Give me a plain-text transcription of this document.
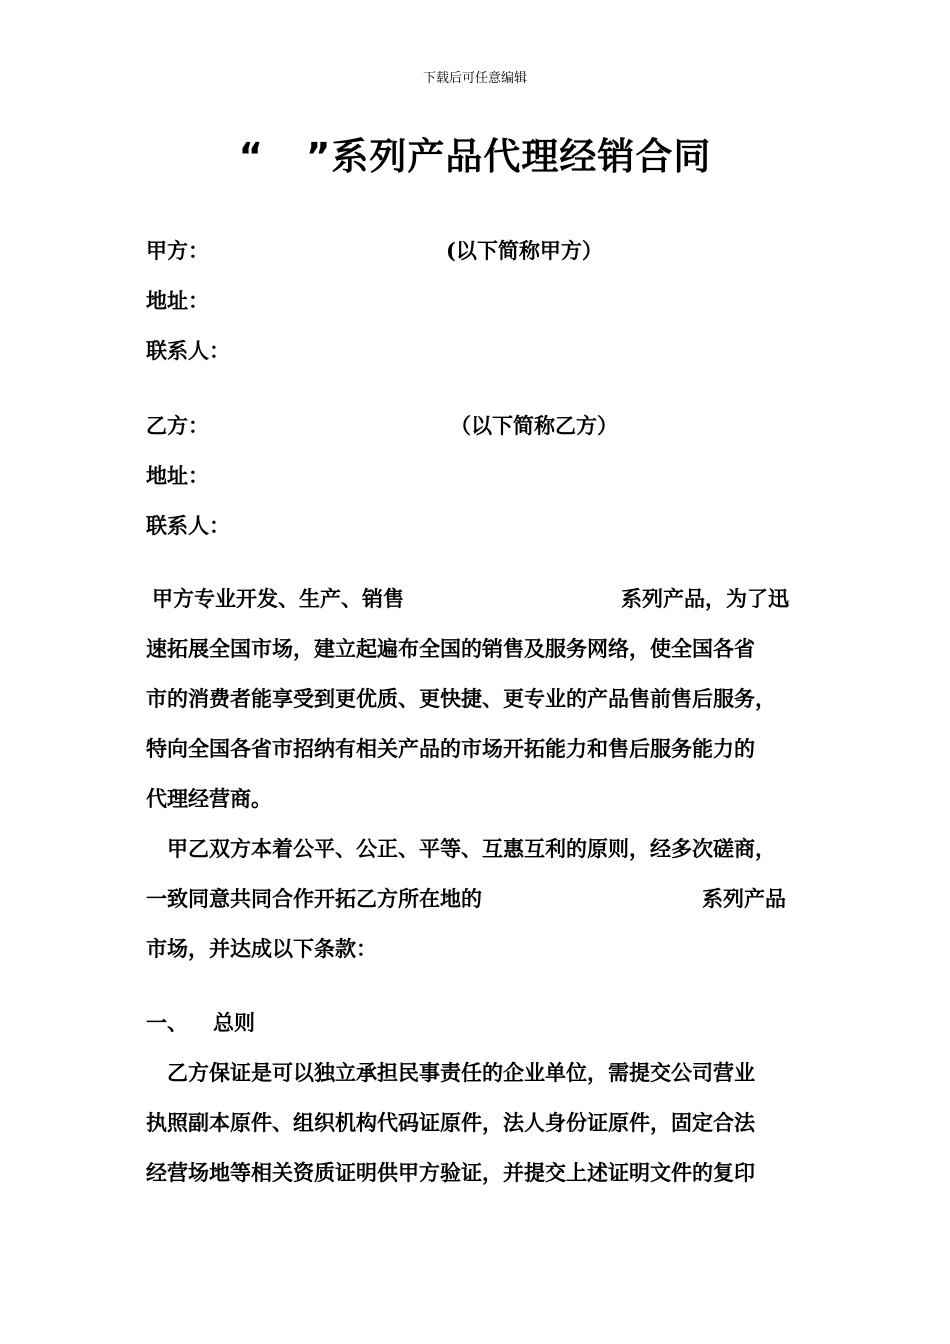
下载后可任意编辑
“ ”系列产品代理经销合同
甲方：	(以下简称甲方）
地址：
联系人：
乙方：	（以下简称乙方）
地址：
联系人：
甲方专业开发、生产、销售	系列产品，为了迅
速拓展全国市场，建立起遍布全国的销售及服务网络，使全国各省
市的消费者能享受到更优质、更快捷、更专业的产品售前售后服务，
特向全国各省市招纳有相关产品的市场开拓能力和售后服务能力的
代理经营商。
甲乙双方本着公平、公正、平等、互惠互利的原则，经多次磋商，
一致同意共同合作开拓乙方所在地的	系列产品
市场，并达成以下条款：
一、 总则
乙方保证是可以独立承担民事责任的企业单位，需提交公司营业
执照副本原件、组织机构代码证原件，法人身份证原件，固定合法
经营场地等相关资质证明供甲方验证，并提交上述证明文件的复印
